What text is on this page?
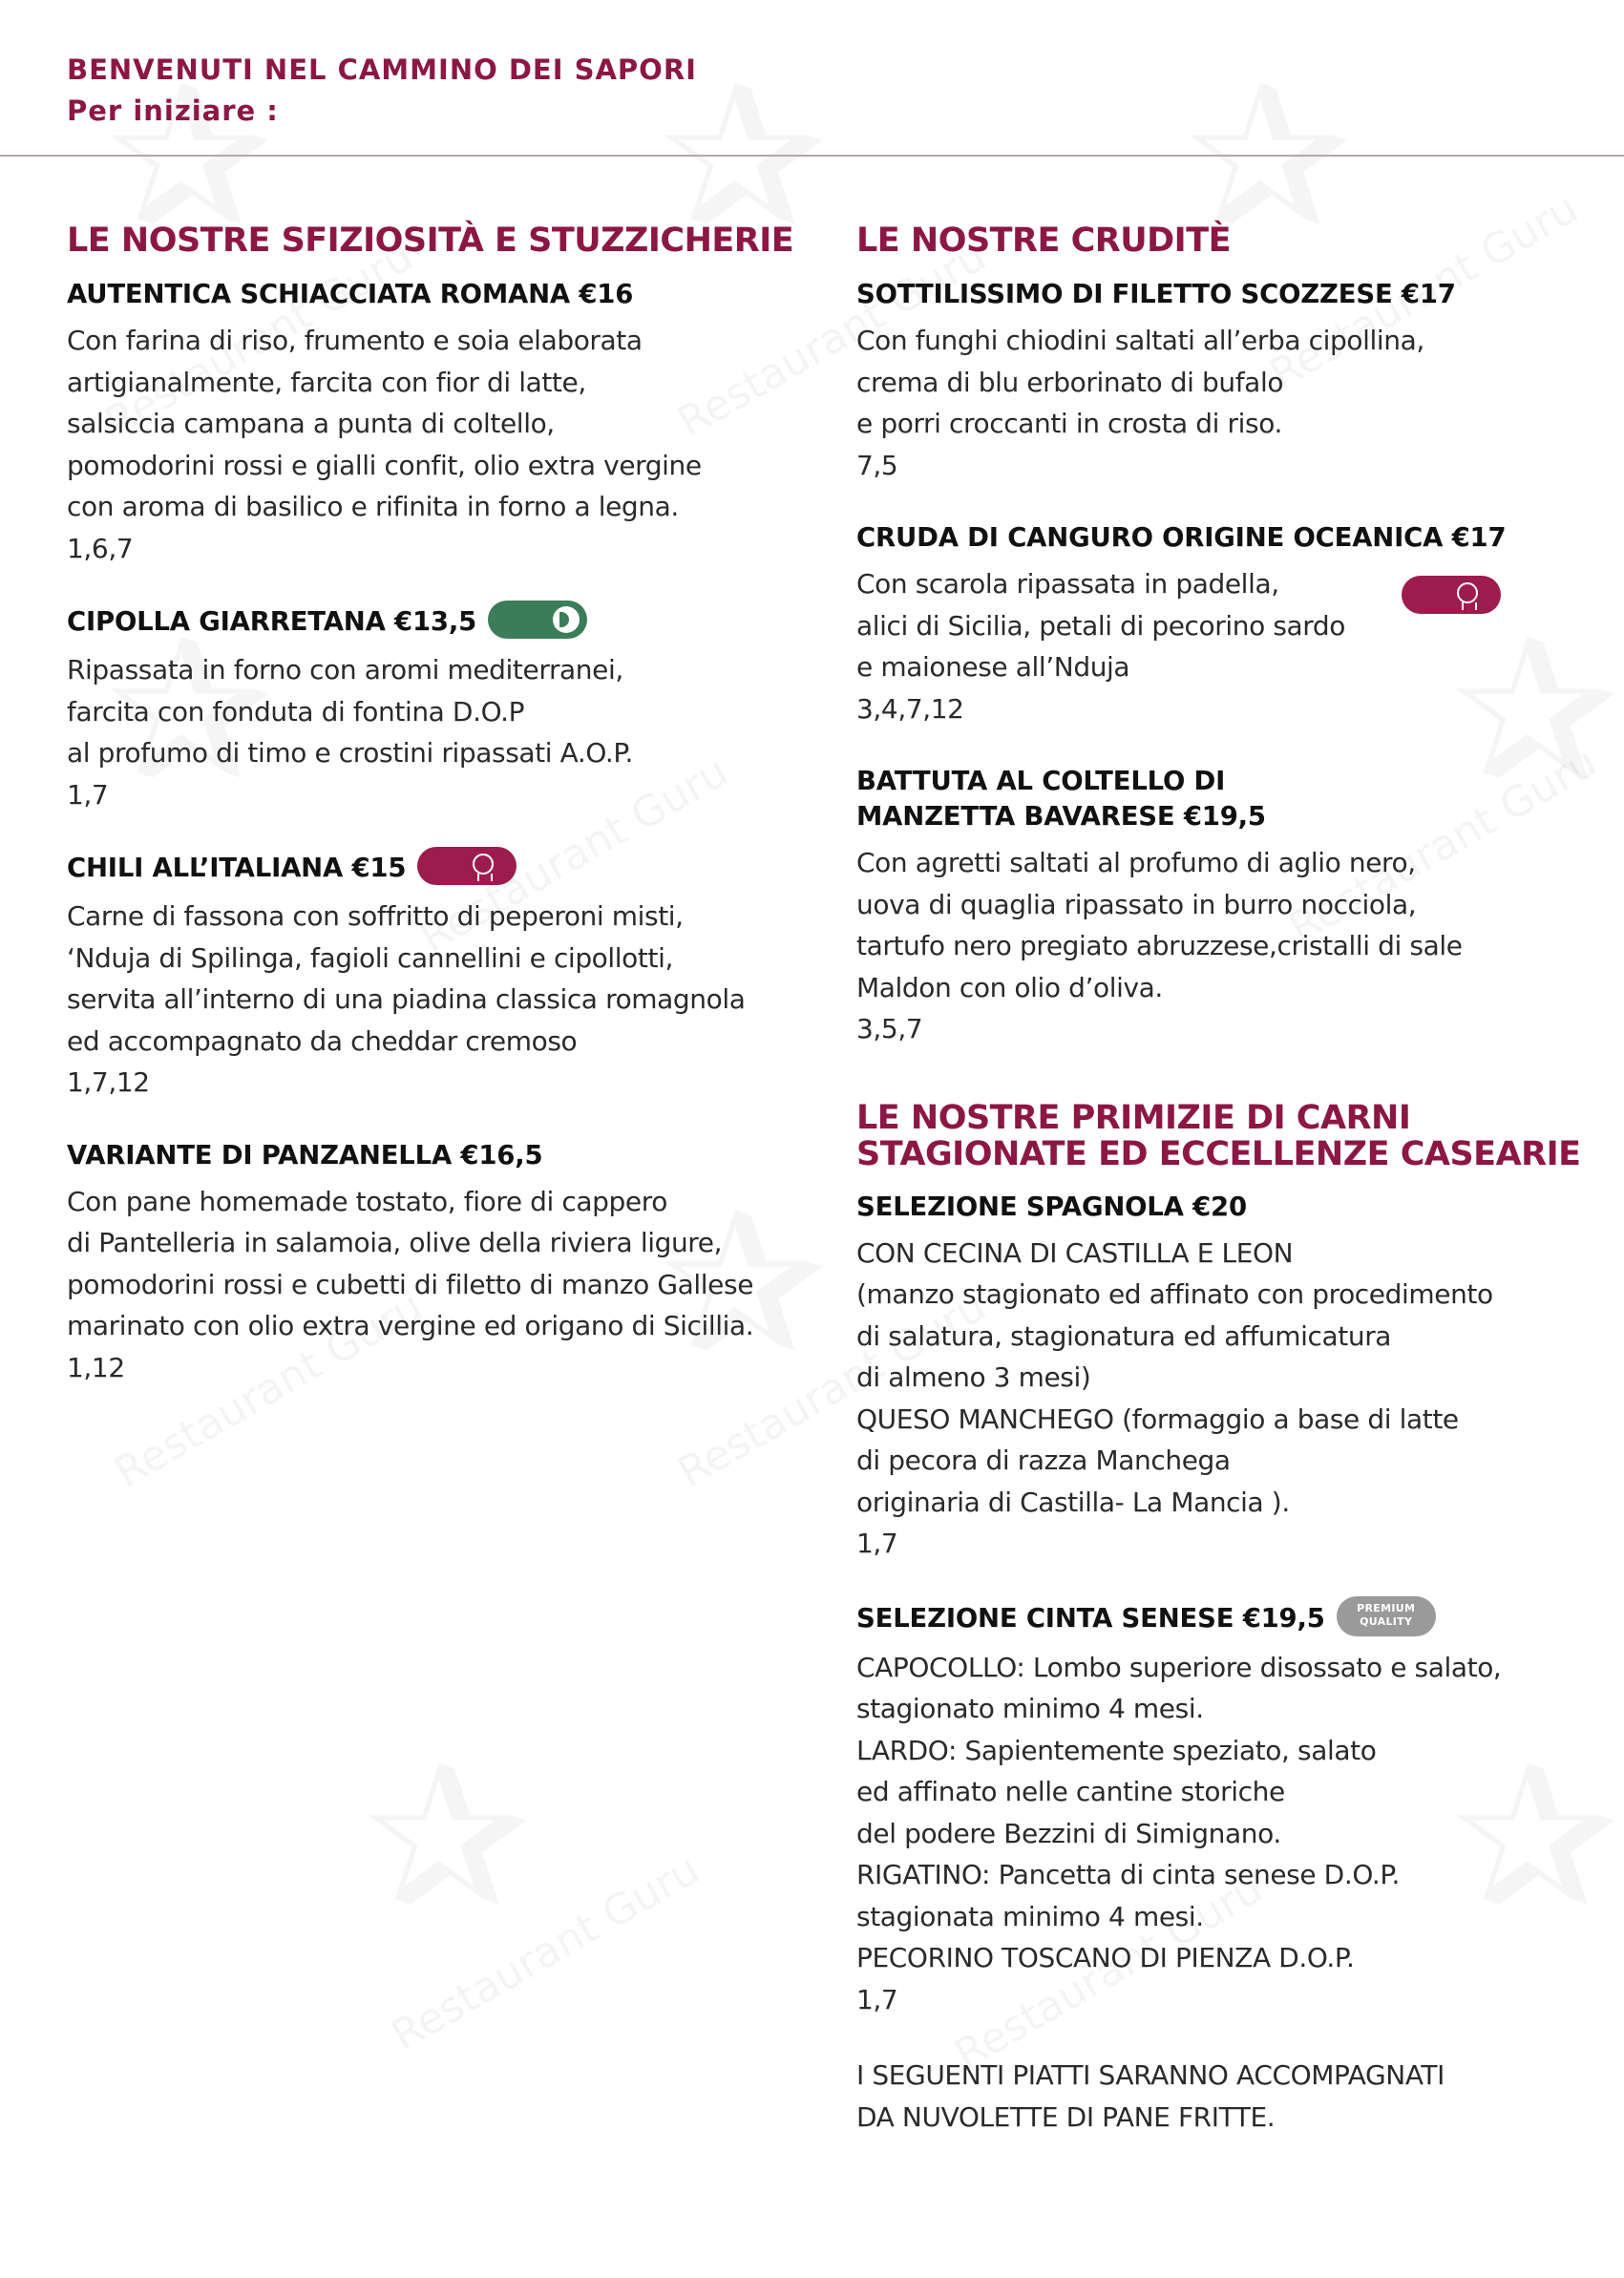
BENVENUTI NEL CAMMINO DEI SAPORI
Per iniziare :
LE NOSTRE SFIZIOSITÀ E STUZZICHERIE
AUTENTICA SCHIACCIATA ROMANA €16

Con farina di riso, frumento e soia elaborata

artigianalmente, farcita con fior di latte,

salsiccia campana a punta di coltello,

pomodorini rossi e gialli confit, olio extra vergine

con aroma di basilico e rifinita in forno a legna.

1,6,7

CIPOLLA GIARRETANA €13,5

Ripassata in forno con aromi mediterranei,

farcita con fonduta di fontina D.O.P

al profumo di timo e crostini ripassati A.O.P.

1,7

CHILI ALL’ITALIANA €15

Carne di fassona con soffritto di peperoni misti,

‘Nduja di Spilinga, fagioli cannellini e cipollotti,

servita all’interno di una piadina classica romagnola

ed accompagnato da cheddar cremoso

1,7,12

VARIANTE DI PANZANELLA €16,5

Con pane homemade tostato, fiore di cappero

di Pantelleria in salamoia, olive della riviera ligure,

pomodorini rossi e cubetti di filetto di manzo Gallese

marinato con olio extra vergine ed origano di Sicillia.

1,12

LE NOSTRE CRUDITÈ
SOTTILISSIMO DI FILETTO SCOZZESE €17

Con funghi chiodini saltati all’erba cipollina,

crema di blu erborinato di bufalo

e porri croccanti in crosta di riso.

7,5

CRUDA DI CANGURO ORIGINE OCEANICA €17

Con scarola ripassata in padella,

alici di Sicilia, petali di pecorino sardo

e maionese all’Nduja

3,4,7,12

BATTUTA AL COLTELLO DI
MANZETTA BAVARESE €19,5

Con agretti saltati al profumo di aglio nero,

uova di quaglia ripassato in burro nocciola,

tartufo nero pregiato abruzzese,cristalli di sale

Maldon con olio d’oliva.

3,5,7

LE NOSTRE PRIMIZIE DI CARNI
STAGIONATE ED ECCELLENZE CASEARIE
SELEZIONE SPAGNOLA €20

CON CECINA DI CASTILLA E LEON

(manzo stagionato ed affinato con procedimento

di salatura, stagionatura ed affumicatura

di almeno 3 mesi)

QUESO MANCHEGO (formaggio a base di latte

di pecora di razza Manchega

originaria di Castilla- La Mancia ).

1,7

SELEZIONE CINTA SENESE €19,5	PREMIUM
QUALITY

CAPOCOLLO: Lombo superiore disossato e salato,

stagionato minimo 4 mesi.

LARDO: Sapientemente speziato, salato

ed affinato nelle cantine storiche

del podere Bezzini di Simignano.

RIGATINO: Pancetta di cinta senese D.O.P.

stagionata minimo 4 mesi.

PECORINO TOSCANO DI PIENZA D.O.P.

1,7

I SEGUENTI PIATTI SARANNO ACCOMPAGNATI

DA NUVOLETTE DI PANE FRITTE.
